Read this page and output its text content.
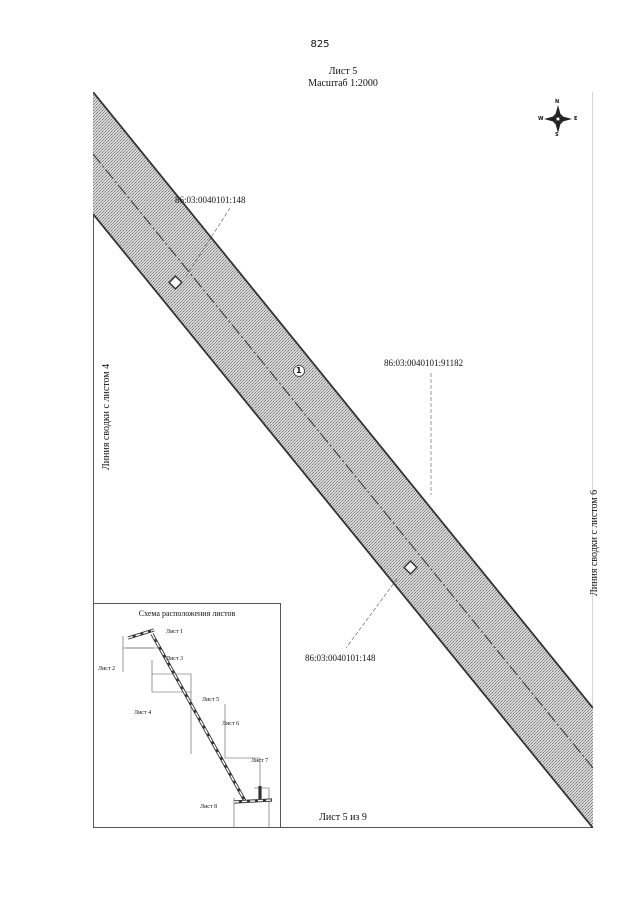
825
Лист 5
Масштаб 1:2000
86:03:0040101:148
86:03:0040101:91182
86:03:0040101:148
1
Линия сводки с листом 4
Линия сводки с листом 6
N
S
W	E
Схема расположения листов
Лист 1
Лист 2
Лист 3
Лист 4
Лист 5
Лист 6
Лист 7
Лист 8
Лист 5 из 9
